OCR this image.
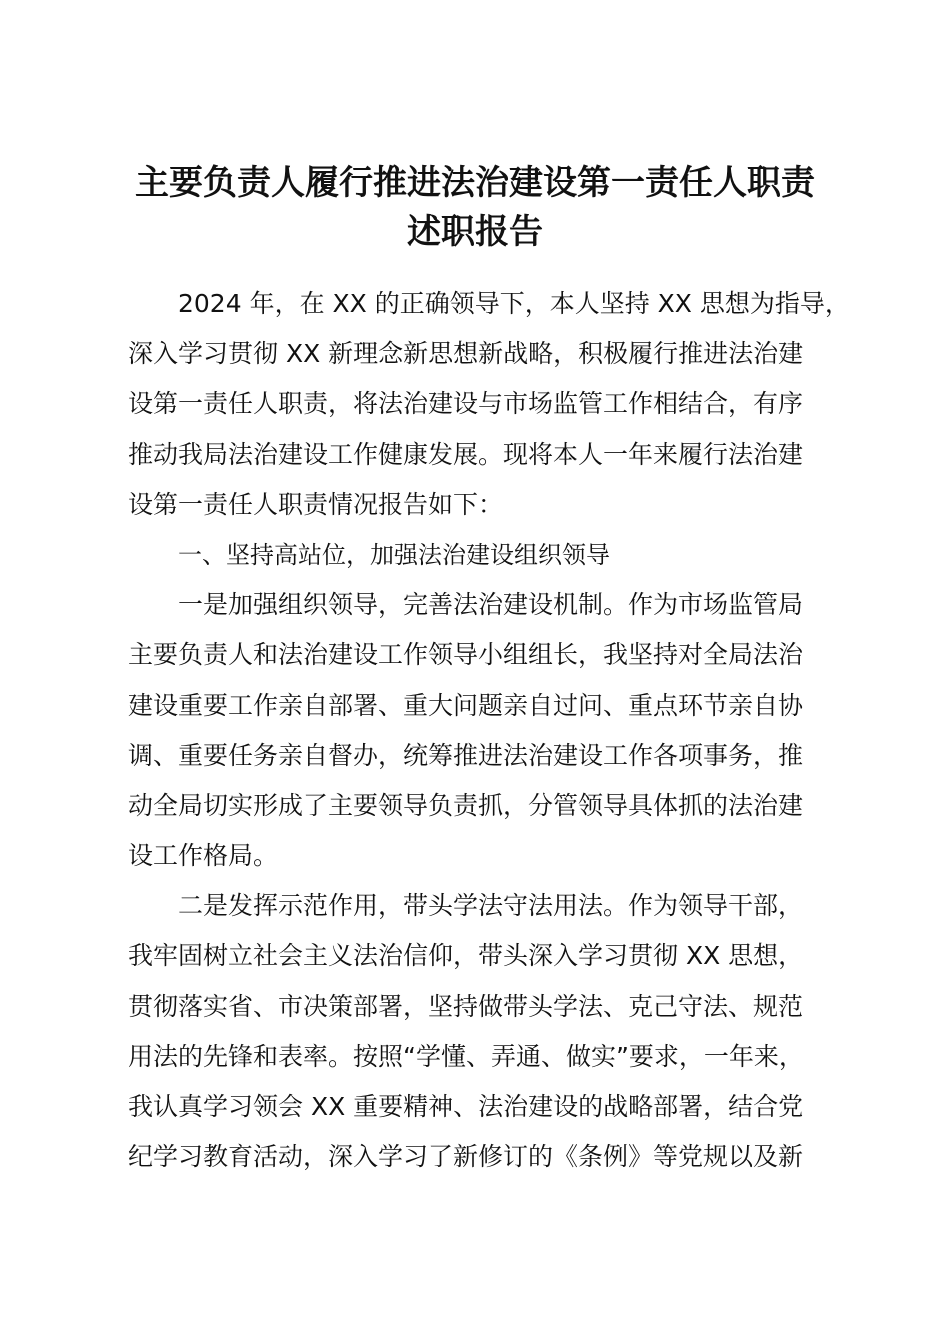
主要负责人履行推进法治建设第一责任人职责
述职报告
2024 年，在 XX 的正确领导下，本人坚持 XX 思想为指导，
深入学习贯彻 XX 新理念新思想新战略，积极履行推进法治建
设第一责任人职责，将法治建设与市场监管工作相结合，有序
推动我局法治建设工作健康发展。现将本人一年来履行法治建
设第一责任人职责情况报告如下：
一、坚持高站位，加强法治建设组织领导
一是加强组织领导，完善法治建设机制。作为市场监管局
主要负责人和法治建设工作领导小组组长，我坚持对全局法治
建设重要工作亲自部署、重大问题亲自过问、重点环节亲自协
调、重要任务亲自督办，统筹推进法治建设工作各项事务，推
动全局切实形成了主要领导负责抓，分管领导具体抓的法治建
设工作格局。
二是发挥示范作用，带头学法守法用法。作为领导干部，
我牢固树立社会主义法治信仰，带头深入学习贯彻 XX 思想，
贯彻落实省、市决策部署，坚持做带头学法、克己守法、规范
用法的先锋和表率。按照“学懂、弄通、做实”要求，一年来，
我认真学习领会 XX 重要精神、法治建设的战略部署，结合党
纪学习教育活动，深入学习了新修订的《条例》等党规以及新
